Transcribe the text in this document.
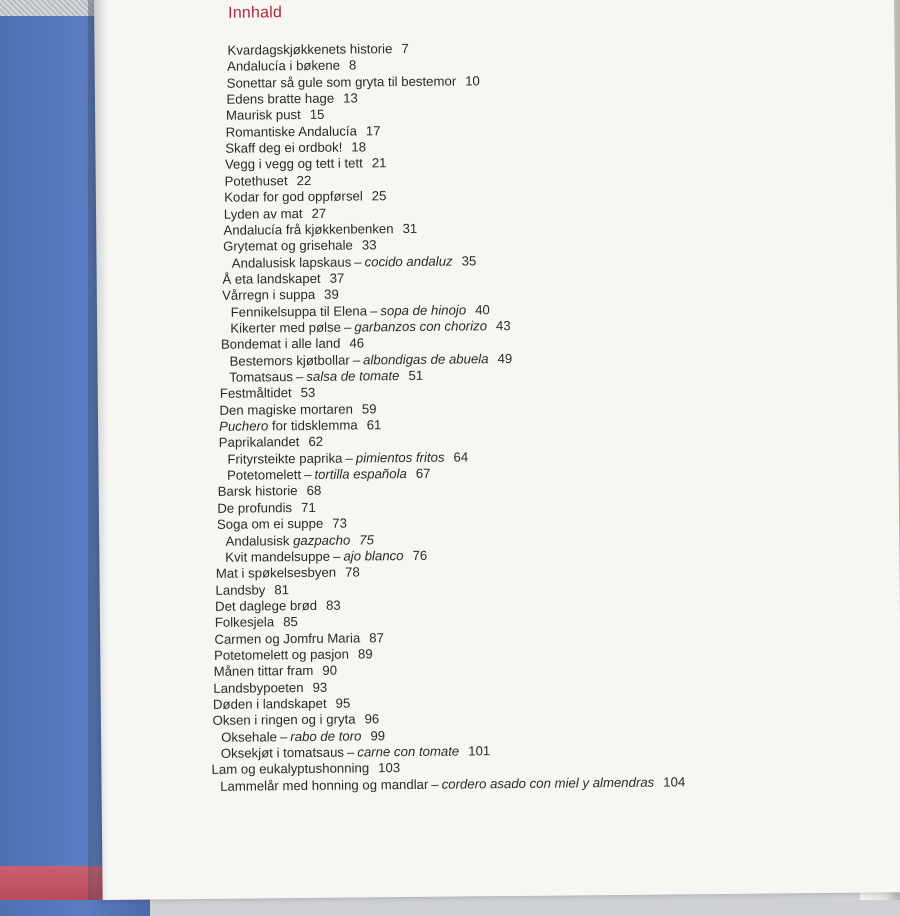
Innhald
Kvardagskjøkkenets historie 7
Andalucía i bøkene 8
Sonettar så gule som gryta til bestemor 10
Edens bratte hage 13
Maurisk pust 15
Romantiske Andalucía 17
Skaff deg ei ordbok! 18
Vegg i vegg og tett i tett 21
Potethuset 22
Kodar for god oppførsel 25
Lyden av mat 27
Andalucía frå kjøkkenbenken 31
Grytemat og grisehale 33
Andalusisk lapskaus – cocido andaluz 35
Å eta landskapet 37
Vårregn i suppa 39
Fennikelsuppa til Elena – sopa de hinojo 40
Kikerter med pølse – garbanzos con chorizo 43
Bondemat i alle land 46
Bestemors kjøtbollar – albondigas de abuela 49
Tomatsaus – salsa de tomate 51
Festmåltidet 53
Den magiske mortaren 59
Puchero for tidsklemma 61
Paprikalandet 62
Frityrsteikte paprika – pimientos fritos 64
Potetomelett – tortilla española 67
Barsk historie 68
De profundis 71
Soga om ei suppe 73
Andalusisk gazpacho 75
Kvit mandelsuppe – ajo blanco 76
Mat i spøkelsesbyen 78
Landsby 81
Det daglege brød 83
Folkesjela 85
Carmen og Jomfru Maria 87
Potetomelett og pasjon 89
Månen tittar fram 90
Landsbypoeten 93
Døden i landskapet 95
Oksen i ringen og i gryta 96
Oksehale – rabo de toro 99
Oksekjøt i tomatsaus – carne con tomate 101
Lam og eukalyptushonning 103
Lammelår med honning og mandlar – cordero asado con miel y almendras 104
